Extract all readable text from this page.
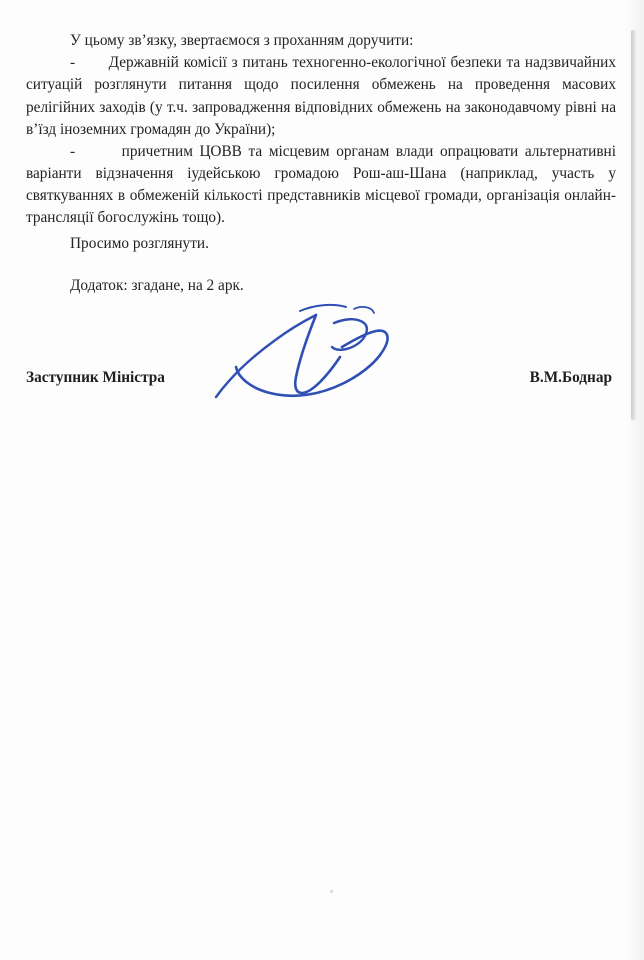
У цьому зв’язку, звертаємося з проханням доручити:

-       Державній комісії з питань техногенно-екологічної безпеки та надзвичайних ситуацій розглянути питання щодо посилення обмежень на проведення масових релігійних заходів (у т.ч. запровадження відповідних обмежень на законодавчому рівні на в’їзд іноземних громадян до України);

-       причетним ЦОВВ та місцевим органам влади опрацювати альтернативні варіанти відзначення іудейською громадою Рош-аш-Шана (наприклад, участь у святкуваннях в обмеженій кількості представників місцевої громади, організація онлайн-трансляції богослужінь тощо).

Просимо розглянути.

Додаток: згадане, на 2 арк.

Заступник Міністра	В.М.Боднар
